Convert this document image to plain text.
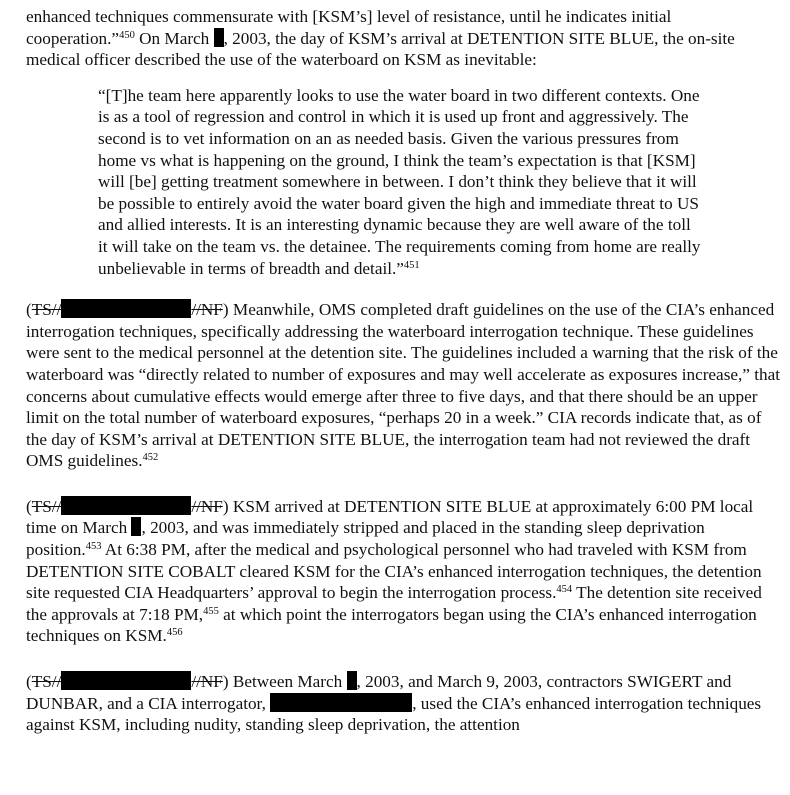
enhanced techniques commensurate with [KSM’s] level of resistance, until he indicates initial cooperation.”$^{450}$ On March , 2003, the day of KSM’s arrival at DETENTION SITE BLUE, the on-site medical officer described the use of the waterboard on KSM as inevitable:

“[T]he team here apparently looks to use the water board in two different contexts. One is as a tool of regression and control in which it is used up front and aggressively. The second is to vet information on an as needed basis. Given the various pressures from home vs what is happening on the ground, I think the team’s expectation is that [KSM] will [be] getting treatment somewhere in between. I don’t think they believe that it will be possible to entirely avoid the water board given the high and immediate threat to US and allied interests. It is an interesting dynamic because they are well aware of the toll it will take on the team vs. the detainee. The requirements coming from home are really unbelievable in terms of breadth and detail.”$^{451}$

(TS//	//NF) Meanwhile, OMS completed draft guidelines on the use of the CIA’s enhanced interrogation techniques, specifically addressing the waterboard interrogation technique. These guidelines were sent to the medical personnel at the detention site. The guidelines included a warning that the risk of the waterboard was “directly related to number of exposures and may well accelerate as exposures increase,” that concerns about cumulative effects would emerge after three to five days, and that there should be an upper limit on the total number of waterboard exposures, “perhaps 20 in a week.” CIA records indicate that, as of the day of KSM’s arrival at DETENTION SITE BLUE, the interrogation team had not reviewed the draft OMS guidelines.$^{452}$

(TS//	//NF) KSM arrived at DETENTION SITE BLUE at approximately 6:00 PM local time on March , 2003, and was immediately stripped and placed in the standing sleep deprivation position.$^{453}$ At 6:38 PM, after the medical and psychological personnel who had traveled with KSM from DETENTION SITE COBALT cleared KSM for the CIA’s enhanced interrogation techniques, the detention site requested CIA Headquarters’ approval to begin the interrogation process.$^{454}$ The detention site received the approvals at 7:18 PM,$^{455}$ at which point the interrogators began using the CIA’s enhanced interrogation techniques on KSM.$^{456}$

(TS//	//NF) Between March , 2003, and March 9, 2003, contractors SWIGERT and DUNBAR, and a CIA interrogator,	, used the CIA’s enhanced interrogation techniques against KSM, including nudity, standing sleep deprivation, the attention
